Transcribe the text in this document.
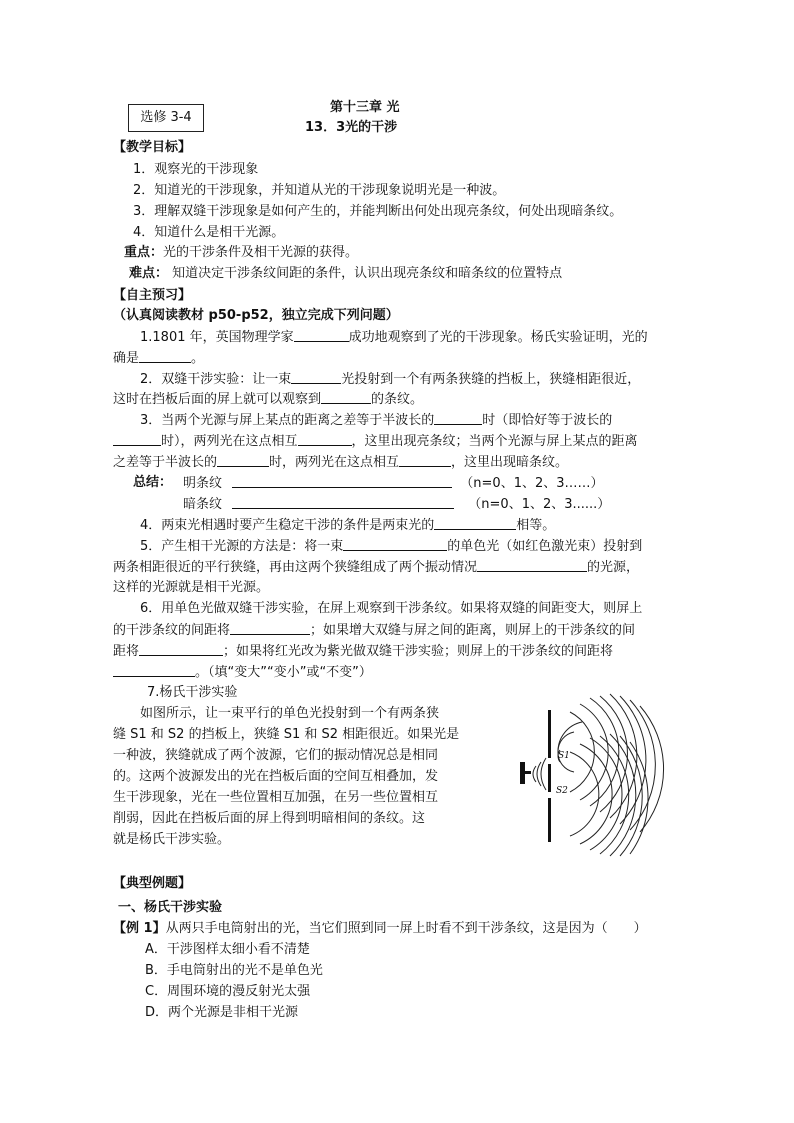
选修 3-4
第十三章 光
13．3光的干涉
【教学目标】
1．观察光的干涉现象
2．知道光的干涉现象，并知道从光的干涉现象说明光是一种波。
3．理解双缝干涉现象是如何产生的，并能判断出何处出现亮条纹，何处出现暗条纹。
4．知道什么是相干光源。
重点：光的干涉条件及相干光源的获得。
难点： 知道决定干涉条纹间距的条件，认识出现亮条纹和暗条纹的位置特点
【自主预习】
（认真阅读教材 p50-p52，独立完成下列问题）
1.1801 年，英国物理学家	成功地观察到了光的干涉现象。杨氏实验证明，光的
确是	。
2．双缝干涉实验：让一束	光投射到一个有两条狭缝的挡板上，狭缝相距很近，
这时在挡板后面的屏上就可以观察到	的条纹。
3．当两个光源与屏上某点的距离之差等于半波长的	时（即恰好等于波长的
时），两列光在这点相互	，这里出现亮条纹；当两个光源与屏上某点的距离
之差等于半波长的	时，两列光在这点相互	，这里出现暗条纹。
总结： 明条纹	（n=0、1、2、3……）
暗条纹	（n=0、1、2、3......）
4．两束光相遇时要产生稳定干涉的条件是两束光的	相等。
5．产生相干光源的方法是：将一束	的单色光（如红色激光束）投射到
两条相距很近的平行狭缝，再由这两个狭缝组成了两个振动情况	的光源，
这样的光源就是相干光源。
6．用单色光做双缝干涉实验，在屏上观察到干涉条纹。如果将双缝的间距变大，则屏上
的干涉条纹的间距将	；如果增大双缝与屏之间的距离，则屏上的干涉条纹的间
距将	；如果将红光改为紫光做双缝干涉实验；则屏上的干涉条纹的间距将
。（填“变大”“变小”或“不变”）
7.杨氏干涉实验
如图所示，让一束平行的单色光投射到一个有两条狭
缝 S1 和 S2 的挡板上，狭缝 S1 和 S2 相距很近。如果光是
一种波，狭缝就成了两个波源，它们的振动情况总是相同
的。这两个波源发出的光在挡板后面的空间互相叠加，发
生干涉现象，光在一些位置相互加强，在另一些位置相互
削弱，因此在挡板后面的屏上得到明暗相间的条纹。这
就是杨氏干涉实验。
S1
S2
【典型例题】
一、杨氏干涉实验
【例 1】从两只手电筒射出的光，当它们照到同一屏上时看不到干涉条纹，这是因为（　　）
A．干涉图样太细小看不清楚
B．手电筒射出的光不是单色光
C．周围环境的漫反射光太强
D．两个光源是非相干光源
